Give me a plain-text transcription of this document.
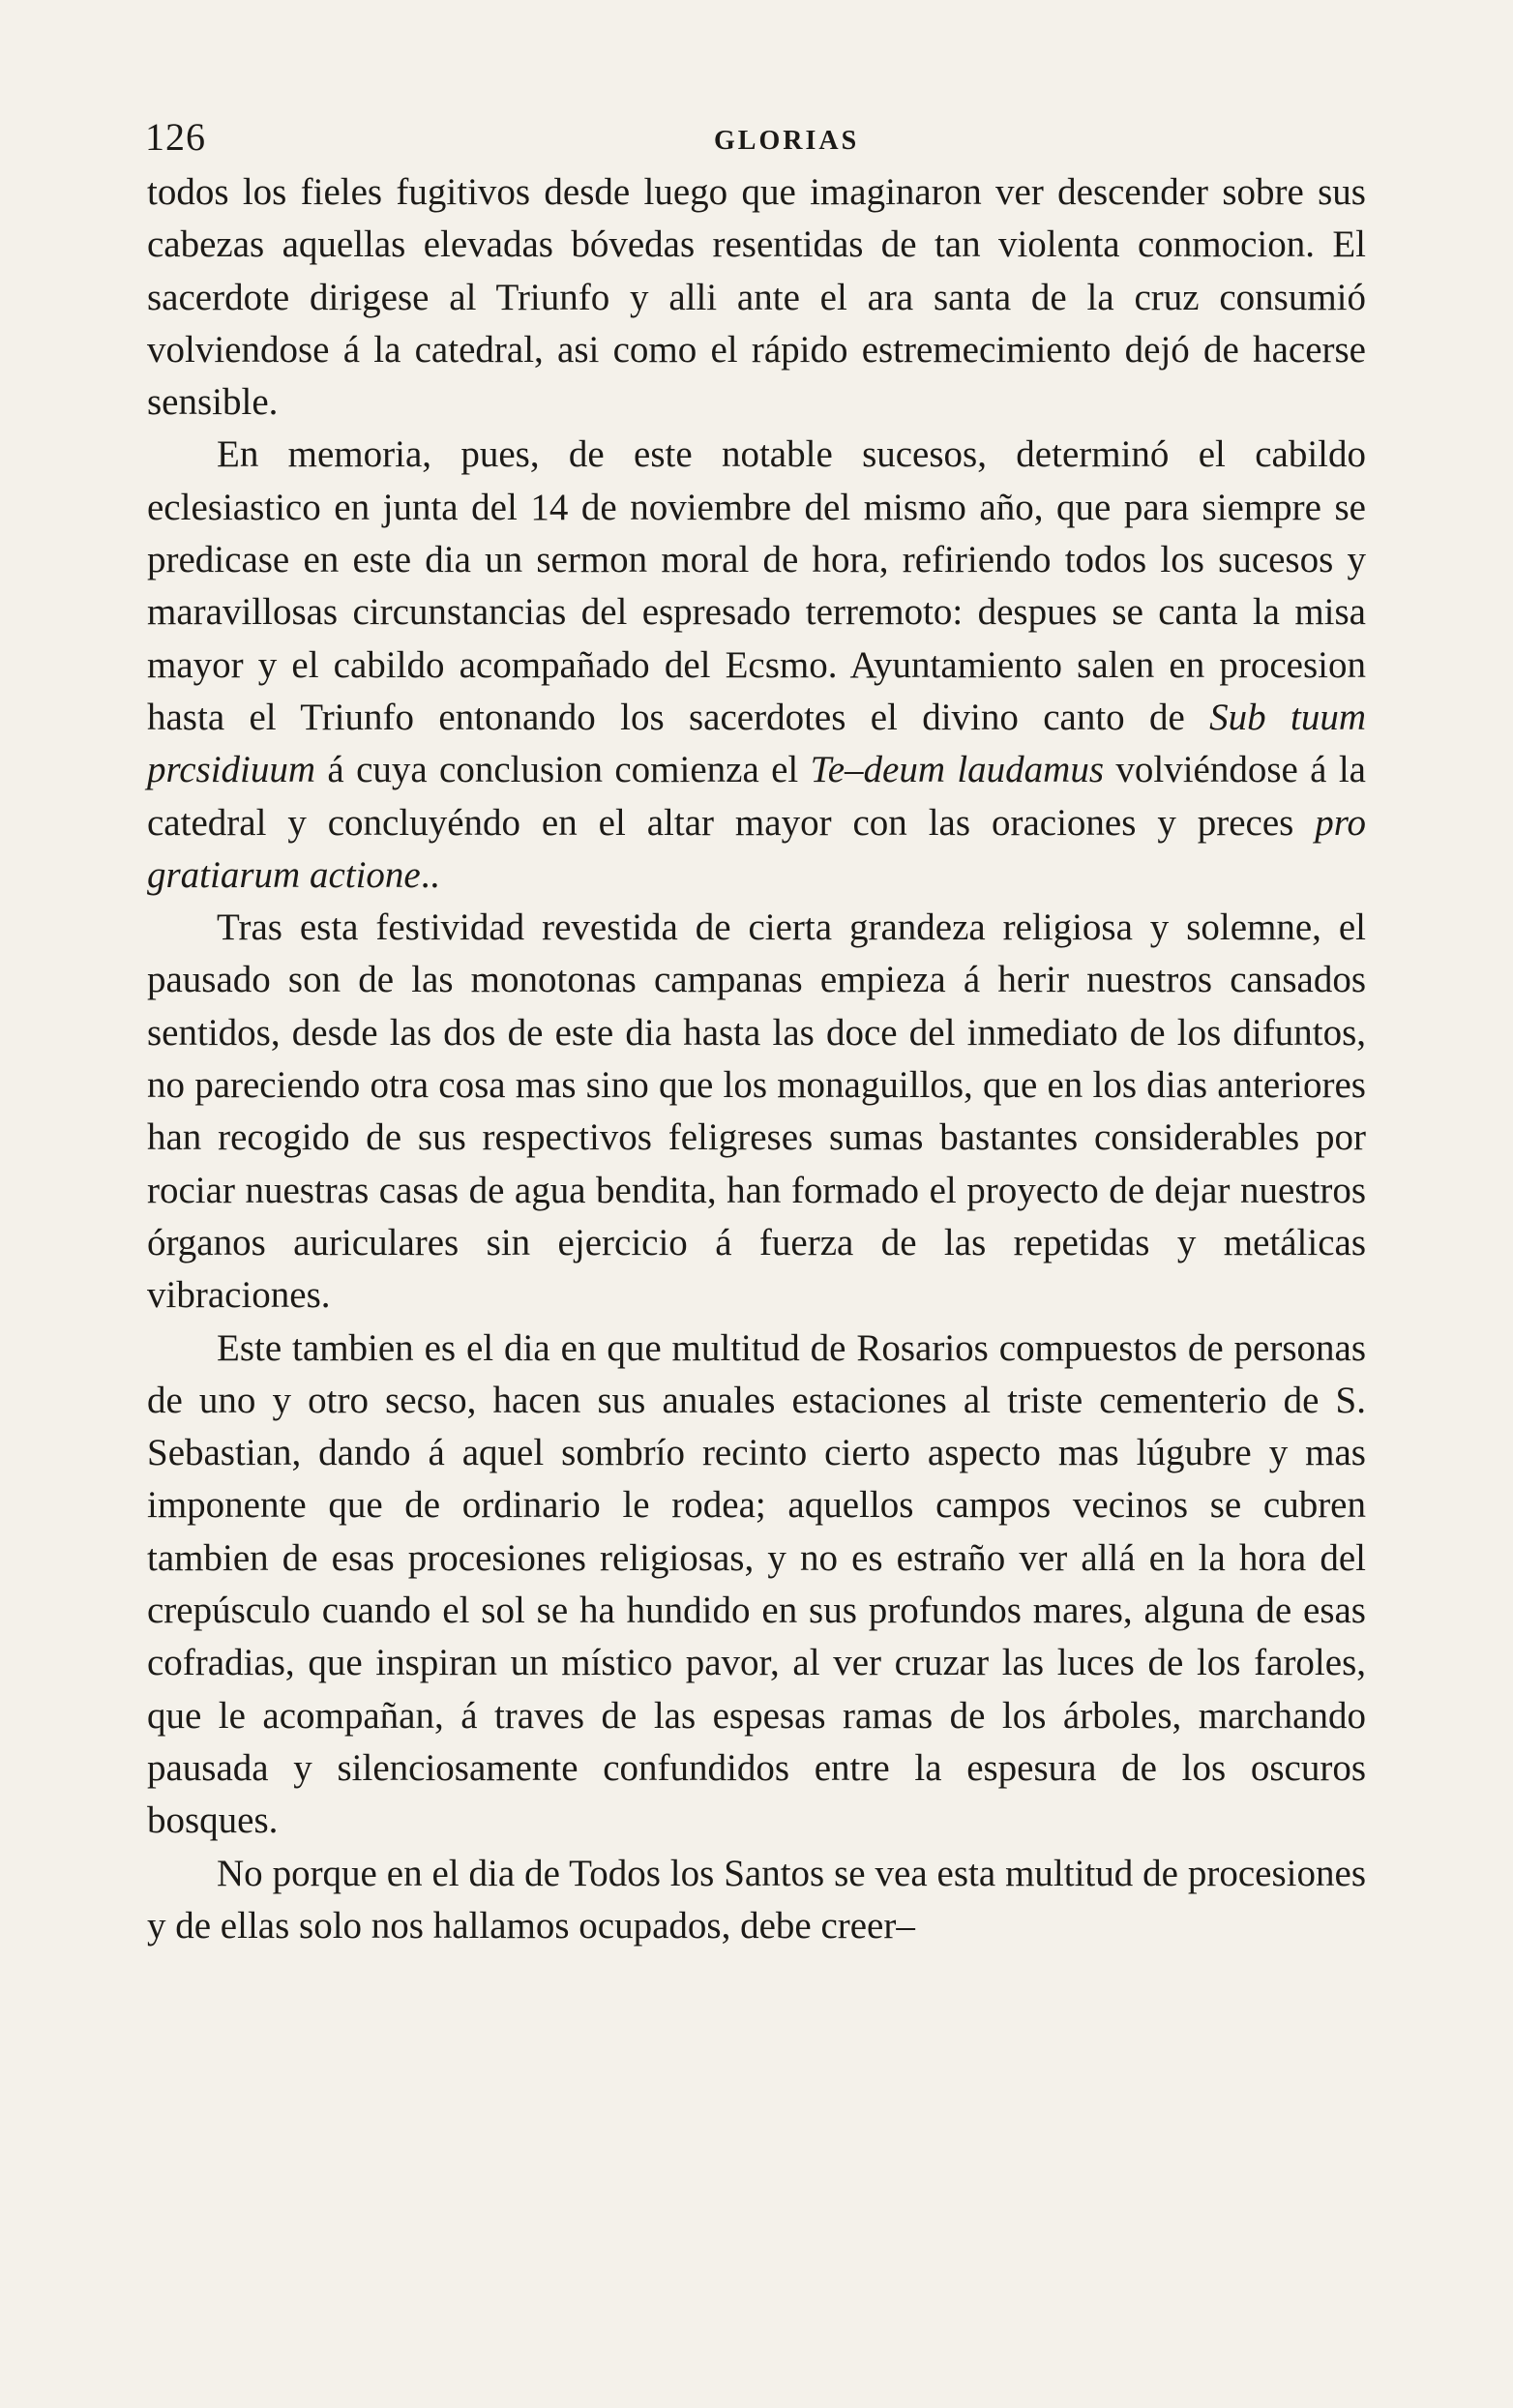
126	GLORIAS

todos los fieles fugitivos desde luego que imaginaron ver descender sobre sus cabezas aquellas elevadas bóvedas resentidas de tan violenta conmocion. El sacerdote dirigese al Triunfo y alli ante el ara santa de la cruz consumió volviendose á la catedral, asi como el rápido estremecimiento dejó de hacerse sensible.

En memoria, pues, de este notable sucesos, determinó el cabildo eclesiastico en junta del 14 de noviembre del mismo año, que para siempre se predicase en este dia un sermon moral de hora, refiriendo todos los sucesos y maravillosas circunstancias del espresado terremoto: despues se canta la misa mayor y el cabildo acompañado del Ecsmo. Ayuntamiento salen en procesion hasta el Triunfo entonando los sacerdotes el divino canto de Sub tuum prcsidiuum á cuya conclusion comienza el Te–deum laudamus volviéndose á la catedral y concluyéndo en el altar mayor con las oraciones y preces pro gratiarum actione..

Tras esta festividad revestida de cierta grandeza religiosa y solemne, el pausado son de las monotonas campanas empieza á herir nuestros cansados sentidos, desde las dos de este dia hasta las doce del inmediato de los difuntos, no pareciendo otra cosa mas sino que los monaguillos, que en los dias anteriores han recogido de sus respectivos feligreses sumas bastantes considerables por rociar nuestras casas de agua bendita, han formado el proyecto de dejar nuestros órganos auriculares sin ejercicio á fuerza de las repetidas y metálicas vibraciones.

Este tambien es el dia en que multitud de Rosarios compuestos de personas de uno y otro secso, hacen sus anuales estaciones al triste cementerio de S. Sebastian, dando á aquel sombrío recinto cierto aspecto mas lúgubre y mas imponente que de ordinario le rodea; aquellos campos vecinos se cubren tambien de esas procesiones religiosas, y no es estraño ver allá en la hora del crepúsculo cuando el sol se ha hundido en sus profundos mares, alguna de esas cofradias, que inspiran un místico pavor, al ver cruzar las luces de los faroles, que le acompañan, á traves de las espesas ramas de los árboles, marchando pausada y silenciosamente confundidos entre la espesura de los oscuros bosques.

No porque en el dia de Todos los Santos se vea esta multitud de procesiones y de ellas solo nos hallamos ocupados, debe creer–
